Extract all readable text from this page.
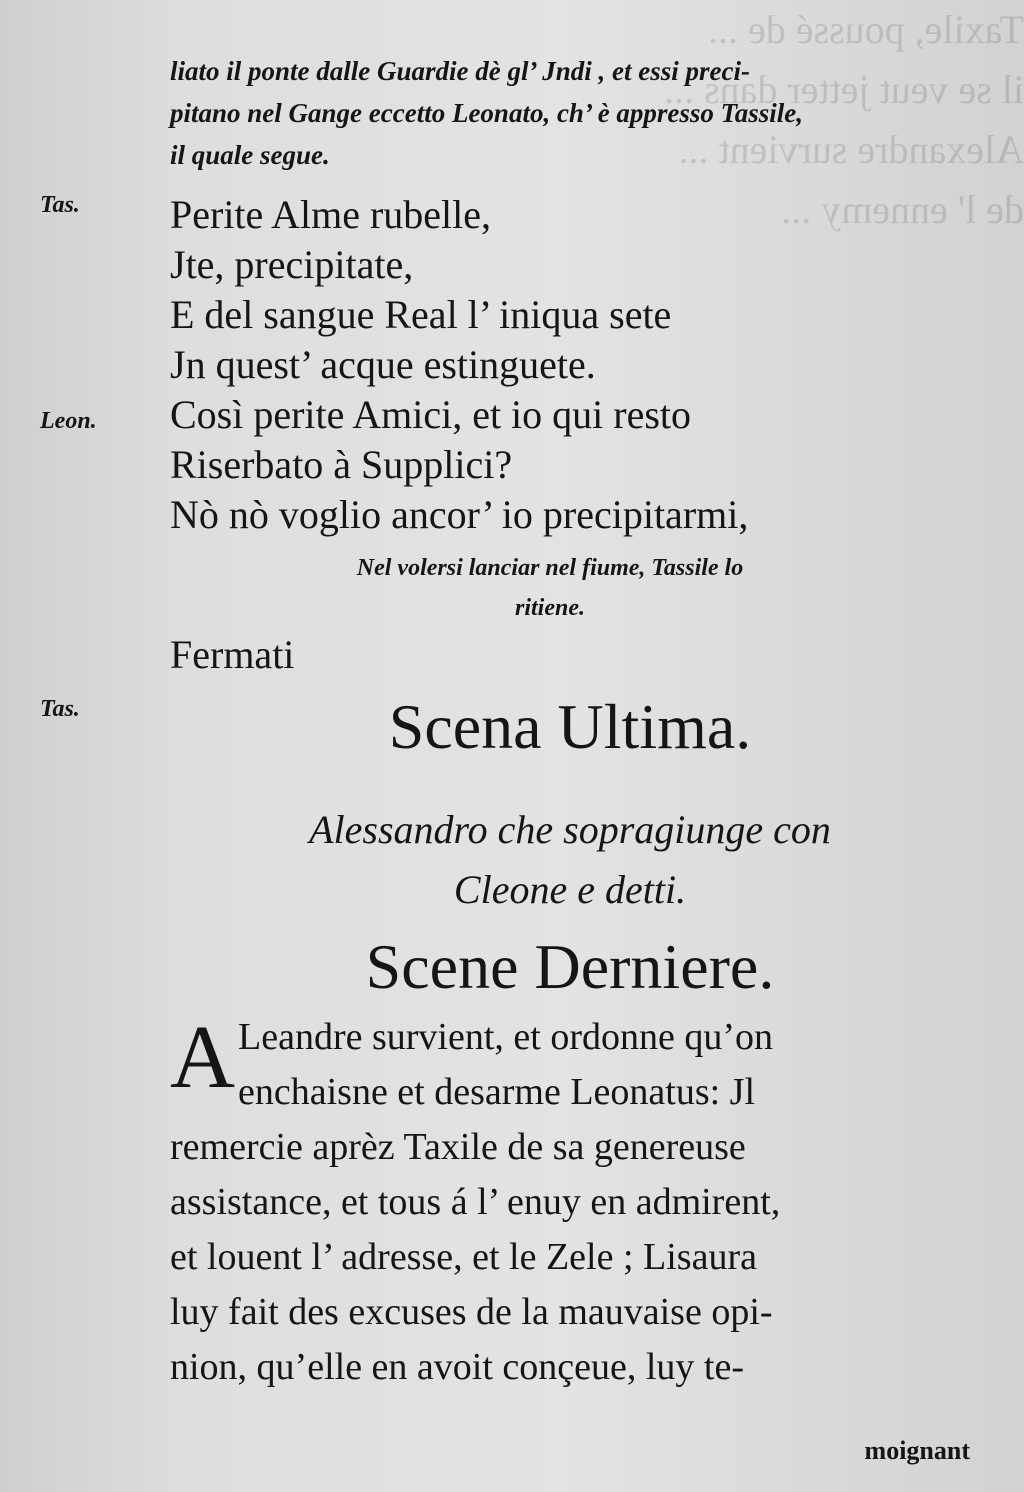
Taxile, poussé de ...
il se veut jetter dans ...
Alexandre survient ...
de l' ennemy ...
liato il ponte dalle Guardie dè gl’ Jndi , et essi preci-
pitano nel Gange eccetto Leonato, ch’ è appresso Tassile,
il quale segue.
Tas. Perite Alme rubelle,
Jte, precipitate,
E del sangue Real l’ iniqua sete
Jn quest’ acque estinguete.
Leon. Così perite Amici, et io qui resto
Riserbato à Supplici?
Nò nò voglio ancor’ io precipitarmi,
Nel volersi lanciar nel fiume, Tassile lo
ritiene.
Fermati
Tas.	Scena Ultima.
Alessandro che sopragiunge con
Cleone e detti.
Scene Derniere.
A Leandre survient, et ordonne qu’on
enchaisne et desarme Leonatus: Jl
remercie aprèz Taxile de sa genereuse
assistance, et tous á l’ enuy en admirent,
et louent l’ adresse, et le Zele ; Lisaura
luy fait des excuses de la mauvaise opi-
nion, qu’elle en avoit conçeue, luy te-
moignant
